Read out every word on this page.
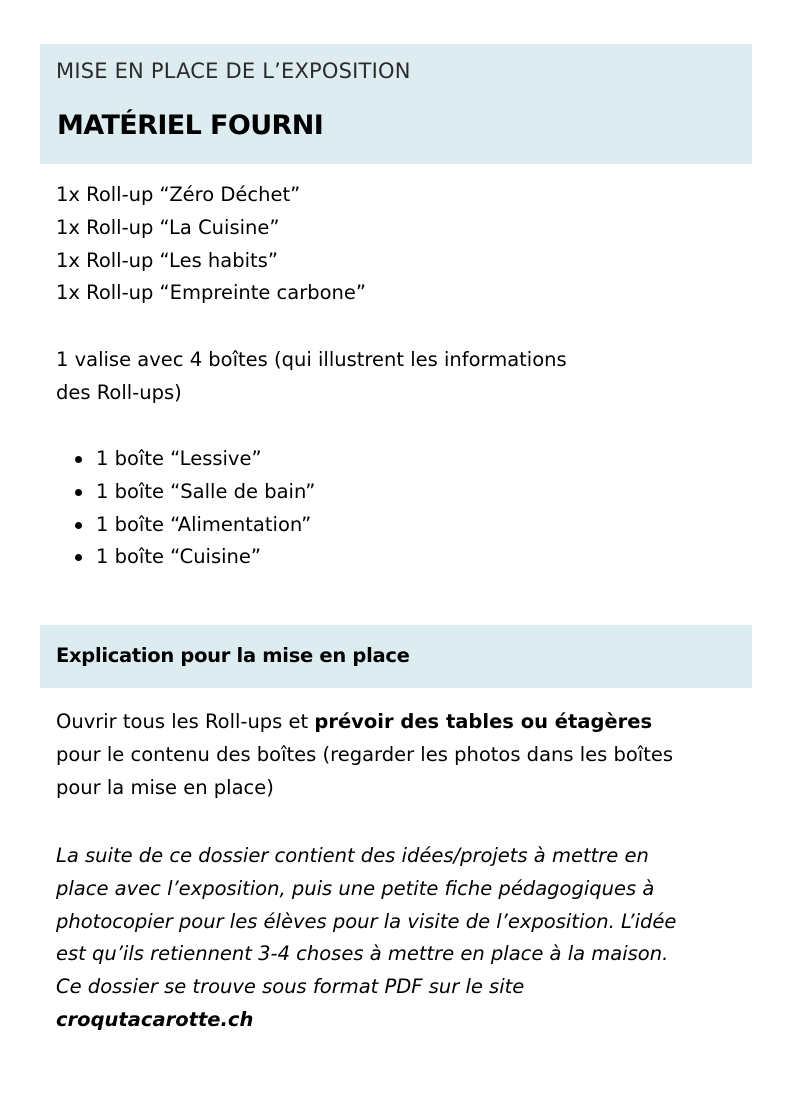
MISE EN PLACE DE L’EXPOSITION
MATÉRIEL FOURNI
1x Roll-up “Zéro Déchet”
1x Roll-up “La Cuisine”
1x Roll-up “Les habits”
1x Roll-up “Empreinte carbone”
1 valise avec 4 boîtes (qui illustrent les informations
des Roll-ups)
1 boîte “Lessive”
1 boîte “Salle de bain”
1 boîte “Alimentation”
1 boîte “Cuisine”
Explication pour la mise en place
Ouvrir tous les Roll-ups et prévoir des tables ou étagères
pour le contenu des boîtes (regarder les photos dans les boîtes
pour la mise en place)
La suite de ce dossier contient des idées/projets à mettre en
place avec l’exposition, puis une petite fiche pédagogiques à
photocopier pour les élèves pour la visite de l’exposition. L’idée
est qu’ils retiennent 3-4 choses à mettre en place à la maison.
Ce dossier se trouve sous format PDF sur le site
croqutacarotte.ch
